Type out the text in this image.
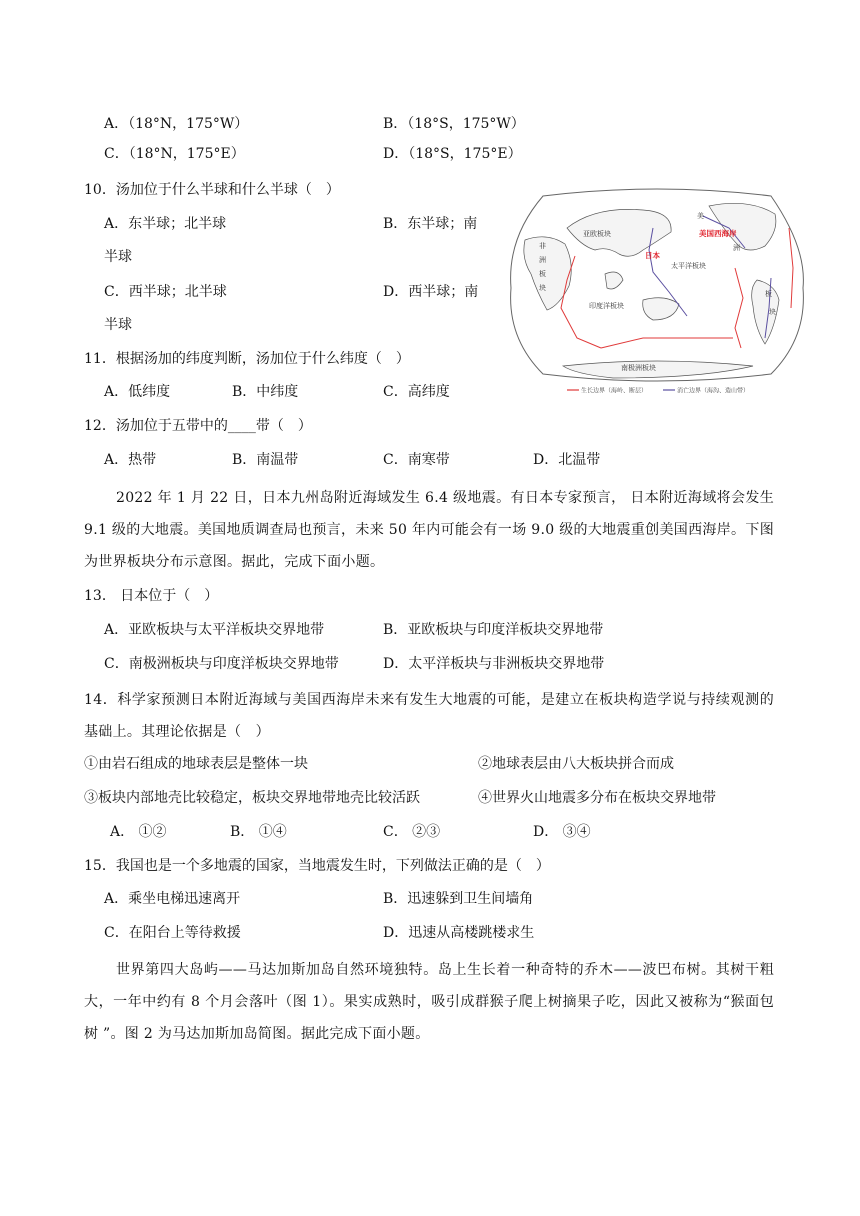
A．（18°N，175°W）	B．（18°S，175°W）
C．（18°N，175°E）	D．（18°S，175°E）
10．汤加位于什么半球和什么半球（　）
A．东半球；北半球	B．东半球；南
半球
C．西半球；北半球	D．西半球；南
半球
11．根据汤加的纬度判断，汤加位于什么纬度（　）
A．低纬度	B．中纬度	C．高纬度
12．汤加位于五带中的____带（　）
A．热带	B．南温带	C．南寒带	D．北温带
2022 年 1 月 22 日，日本九州岛附近海域发生 6.4 级地震。有日本专家预言， 日本附近海域将会发生 9.1 级的大地震。美国地质调查局也预言，未来 50 年内可能会有一场 9.0 级的大地震重创美国西海岸。下图为世界板块分布示意图。据此，完成下面小题。
13． 日本位于（　）
A．亚欧板块与太平洋板块交界地带	B．亚欧板块与印度洋板块交界地带
C．南极洲板块与印度洋板块交界地带	D．太平洋板块与非洲板块交界地带
14．科学家预测日本附近海域与美国西海岸未来有发生大地震的可能，是建立在板块构造学说与持续观测的基础上。其理论依据是（　）
①由岩石组成的地球表层是整体一块	②地球表层由八大板块拼合而成
③板块内部地壳比较稳定，板块交界地带地壳比较活跃	④世界火山地震多分布在板块交界地带
A． ①②	B． ①④	C． ②③	D． ③④
15．我国也是一个多地震的国家，当地震发生时，下列做法正确的是（　）
A．乘坐电梯迅速离开	B．迅速躲到卫生间墙角
C．在阳台上等待救援	D．迅速从高楼跳楼求生
世界第四大岛屿——马达加斯加岛自然环境独特。岛上生长着一种奇特的乔木——波巴布树。其树干粗大，一年中约有 8 个月会落叶（图 1）。果实成熟时，吸引成群猴子爬上树摘果子吃，因此又被称为“猴面包树 ”。图 2 为马达加斯加岛简图。据此完成下面小题。
亚欧板块
美
洲
日本
美国西海岸
非
洲
板
块
太平洋板块
印度洋板块
板
块
南极洲板块
生长边界（海岭、断层）	消亡边界（海沟、造山带）
